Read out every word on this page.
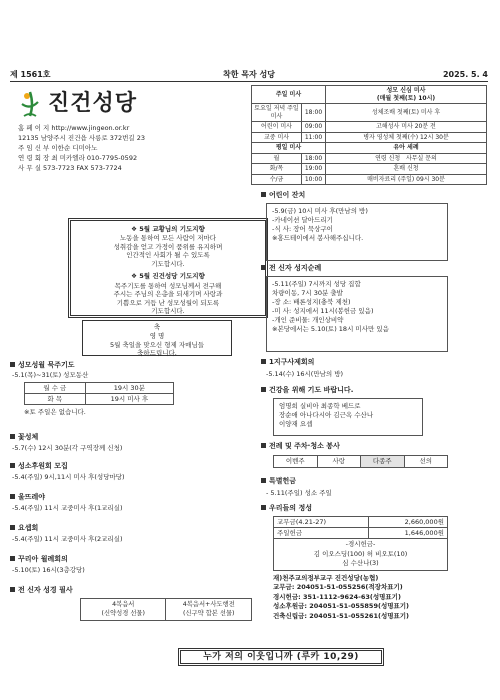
제 1561호	착한 목자 성당	2025. 5. 4
진건성당
홈 페 이 지 http://www.jingeon.or.kr
12135 남양주시 진건읍 사릉로 372번길 23
주 임 신 부 이한순 디미아노
연 령 회 장 최 미카엘라 010-7795-0592
사 무 실 573-7723 FAX 573-7724
주일 미사		성모 신심 미사
(매월 첫째(토) 10시)
토요일 저녁 주일미사	18:00	성체조배 첫째(토) 미사 후
어린이 미사	09:00	고해성사 미사 20분 전
교중 미사	11:00	병자 영성체 첫째(수) 12시 30분
평일 미사		유아 세례
월	18:00	연령 신청 사무실 문의
화/목	19:00	혼배 신청
수/금	10:00	매비자료리 (주일) 09시 30분
❖ 5월 교황님의 기도지향
노동을 통하여 모든 사람이 저마다
성취감을 얻고 가정이 품위를 유지하며
인간적인 사회가 될 수 있도록
기도합시다.
❖ 5월 진건성당 기도지향
목주기도를 통하여 성모님께서 전구해
주시는 주님의 은총을 되새기며 사랑과
기쁨으로 거듭 난 성모성월이 되도록
기도합시다.
축
영 명
5월 축일을 맞으신 형제 자매님들
축하드립니다.
성모성월 묵주기도
-5.1(목)~31(토) 성모동산
월 수 금	19시 30분
화 목	19시 미사 후
※토 주일은 없습니다.
꽃성체
-5.7(수) 12시 30분(각 구역장께 신청)
성소후원회 모집
-5.4(주일) 9시,11시 미사 후(성당마당)
울뜨레야
-5.4(주일) 11시 교중미사 후(1교리실)
요셉회
-5.4(주일) 11시 교중미사 후(2교리실)
꾸리아 월례회의
-5.10(토) 16시(3층강당)
전 신자 성경 필사
4복음서
(신약성경 선물)	4복음서+사도행전
(신구약 합본 선물)
어린이 잔치
-5.9(금) 10시 미사 후(만남의 방)
-카네이션 달아드리기
-식 사: 장어 묵상구이
※홍드테이에서 봉사해주십니다.
전 신자 성지순례
-5.11(주일) 7시까지 성당 집합
차량이동, 7시 30분 출발
-장 소: 배론성지(충북 제천)
-미 사: 성지에서 11시(봉헌금 있음)
-개인 준비물: 개인상비약
※본당에서는 5.10(토) 18시 미사만 있음
1지구사제회의
-5.14(수) 16시(만남의 방)
건강을 위해 기도 바랍니다.
엄명희 실비아 최종학 베드로
장순애 아나다시아 김근옥 수산나
이양재 요셉
전례 및 주차·청소 봉사
이벤주	사랑	다종주	선의
특별헌금
- 5.11(주일) 성소 주일
우리들의 정성
교무금(4.21-27)	2,660,000원
주일헌금	1,646,000원

-경시헌금-
김 이오스딩(100) 허 비오토(10)
심 수산나(3)	
재)천주교의정부교구 진건성당(농협)
교무금: 204051-51-055256(적장차표기)
경시헌금: 351-1112-9624-63(성명표기)
성소후원금: 204051-51-055859(성명표기)
건축신립금: 204051-51-055261(성명표기)
누가 저의 이웃입니까 (루카 10,29)
